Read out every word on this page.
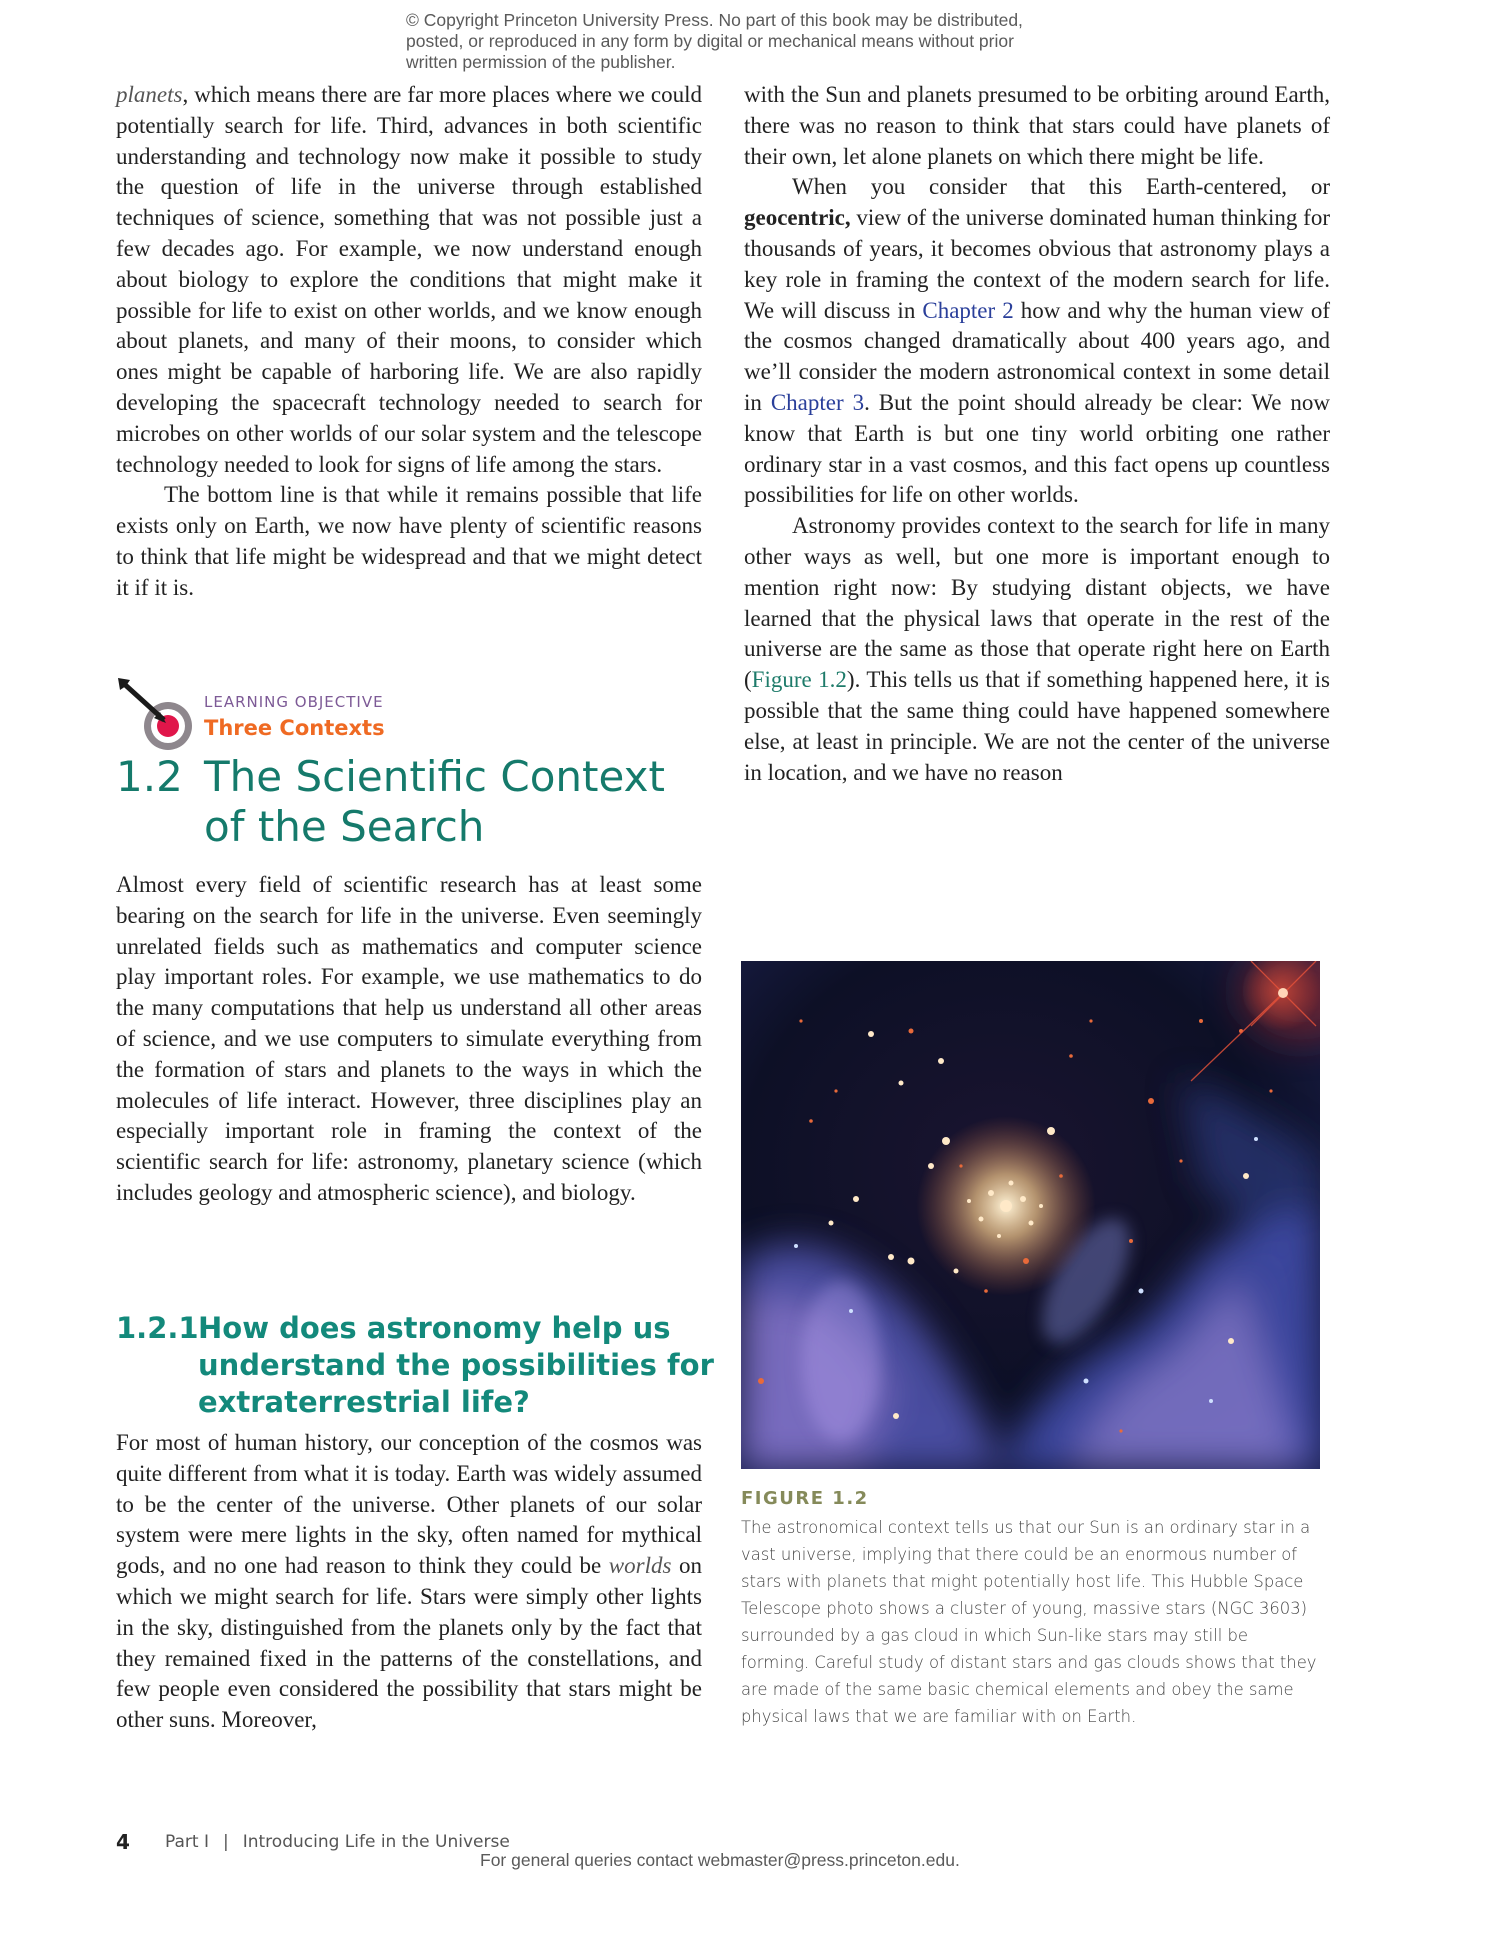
© Copyright Princeton University Press. No part of this book may be distributed, posted, or reproduced in any form by digital or mechanical means without prior written permission of the publisher.

planets, which means there are far more places where we could potentially search for life. Third, advances in both scientific understanding and technology now make it possible to study the question of life in the universe through established techniques of science, something that was not possible just a few decades ago. For example, we now understand enough about biology to explore the conditions that might make it possible for life to exist on other worlds, and we know enough about planets, and many of their moons, to consider which ones might be capable of harboring life. We are also rapidly developing the spacecraft technology needed to search for microbes on other worlds of our solar system and the telescope technology needed to look for signs of life among the stars.

The bottom line is that while it remains possible that life exists only on Earth, we now have plenty of scientific reasons to think that life might be widespread and that we might detect it if it is.

LEARNING OBJECTIVE
Three Contexts
1.2 The Scientific Context of the Search

Almost every field of scientific research has at least some bearing on the search for life in the universe. Even seemingly unrelated fields such as mathematics and computer science play important roles. For example, we use mathematics to do the many computations that help us understand all other areas of science, and we use computers to simulate everything from the formation of stars and planets to the ways in which the molecules of life interact. However, three disciplines play an especially important role in framing the context of the scientific search for life: astronomy, planetary science (which includes geology and atmospheric science), and biology.

1.2.1 How does astronomy help us understand the possibilities for extraterrestrial life?

For most of human history, our conception of the cosmos was quite different from what it is today. Earth was widely assumed to be the center of the universe. Other planets of our solar system were mere lights in the sky, often named for mythical gods, and no one had reason to think they could be worlds on which we might search for life. Stars were simply other lights in the sky, distinguished from the planets only by the fact that they remained fixed in the patterns of the constellations, and few people even considered the possibility that stars might be other suns. Moreover,

with the Sun and planets presumed to be orbiting around Earth, there was no reason to think that stars could have planets of their own, let alone planets on which there might be life.

When you consider that this Earth-centered, or geocentric, view of the universe dominated human thinking for thousands of years, it becomes obvious that astronomy plays a key role in framing the context of the modern search for life. We will discuss in Chapter 2 how and why the human view of the cosmos changed dramatically about 400 years ago, and we’ll consider the modern astronomical context in some detail in Chapter 3. But the point should already be clear: We now know that Earth is but one tiny world orbiting one rather ordinary star in a vast cosmos, and this fact opens up countless possibilities for life on other worlds.

Astronomy provides context to the search for life in many other ways as well, but one more is important enough to mention right now: By studying distant objects, we have learned that the physical laws that operate in the rest of the universe are the same as those that operate right here on Earth (Figure 1.2). This tells us that if something happened here, it is possible that the same thing could have happened somewhere else, at least in principle. We are not the center of the universe in location, and we have no reason

FIGURE 1.2
The astronomical context tells us that our Sun is an ordinary star in a vast universe, implying that there could be an enormous number of stars with planets that might potentially host life. This Hubble Space Telescope photo shows a cluster of young, massive stars (NGC 3603) surrounded by a gas cloud in which Sun-like stars may still be forming. Careful study of distant stars and gas clouds shows that they are made of the same basic chemical elements and obey the same physical laws that we are familiar with on Earth.
4 Part I | Introducing Life in the Universe
For general queries contact webmaster@press.princeton.edu.
